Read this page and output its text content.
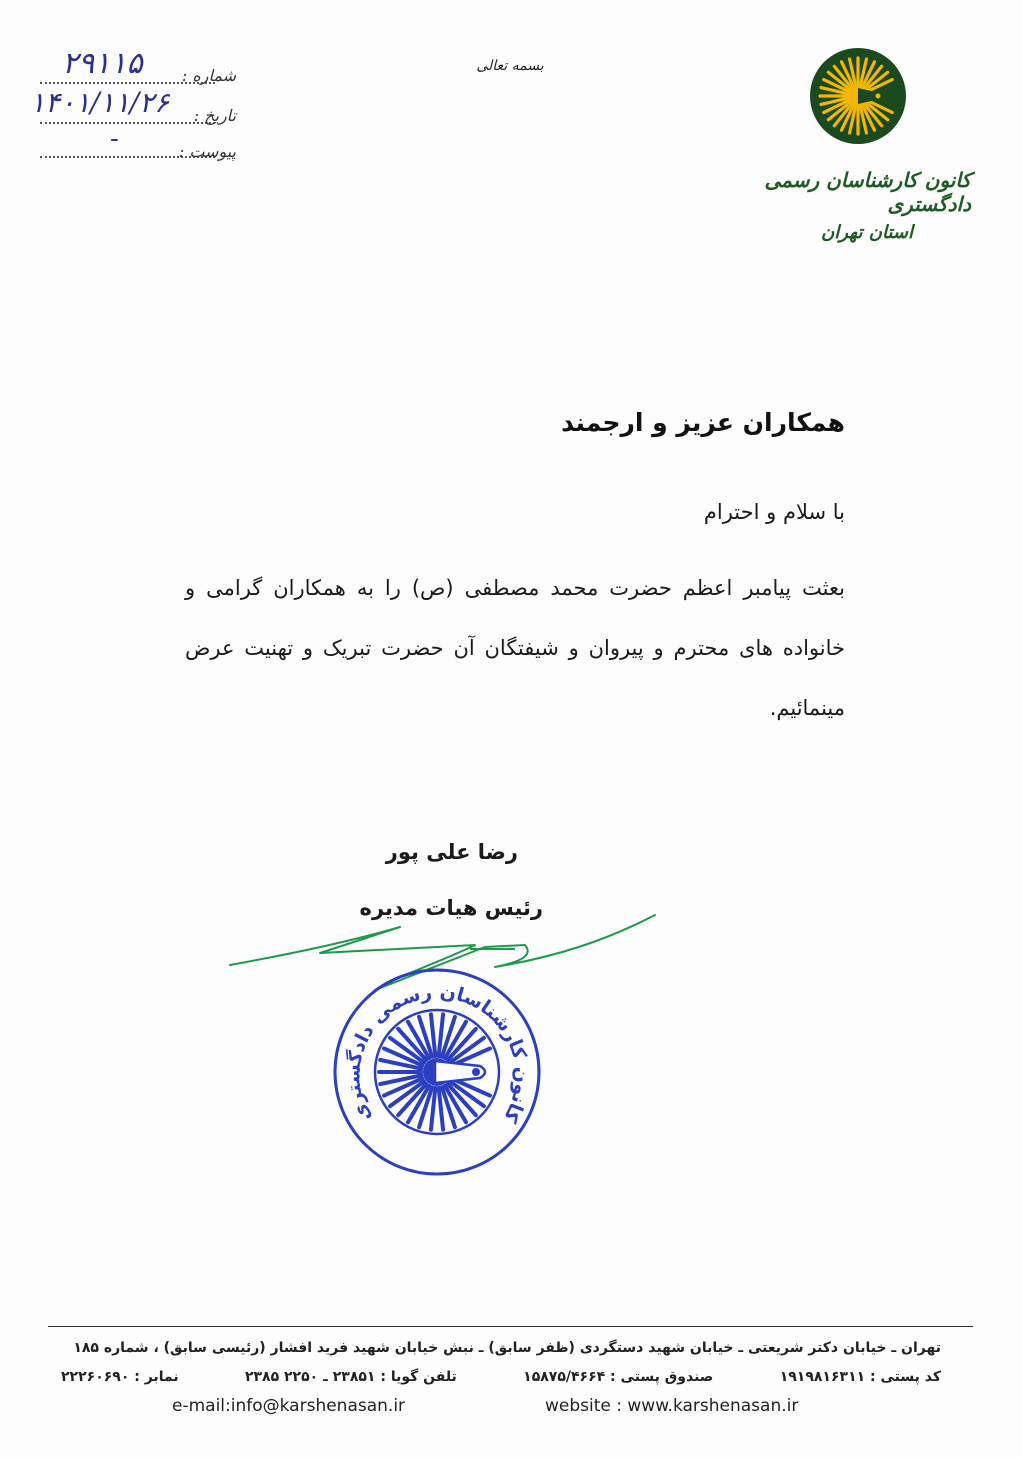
۲۹۱۱۵ شماره :
۱۴۰۱/۱۱/۲۶ تاریخ :
-	پیوست :
بسمه تعالی
کانون کارشناسان رسمی دادگستری
استان تهران
همکاران عزیز و ارجمند
با سلام و احترام
بعثت پیامبر اعظم حضرت محمد مصطفی (ص) را به همکاران گرامی و خانواده های محترم و پیروان و شیفتگان آن حضرت تبریک و تهنیت عرض مینمائیم.
رضا علی پور
رئیس هیات مدیره
کانون کارشناسان رسمی دادگستری
تهران ـ خیابان دکتر شریعتی ـ خیابان شهید دستگردی (ظفر سابق) ـ نبش خیابان شهید فرید افشار (رئیسی سابق) ، شماره ۱۸۵
کد پستی : ۱۹۱۹۸۱۶۳۱۱
صندوق پستی : ۱۵۸۷۵/۴۶۶۴
تلفن گویا : ۲۳۸۵۱ ـ ۲۲۵۰ ۲۳۸۵
نمابر : ۲۲۲۶۰۶۹۰
e-mail:info@karshenasan.ir	website : www.karshenasan.ir
